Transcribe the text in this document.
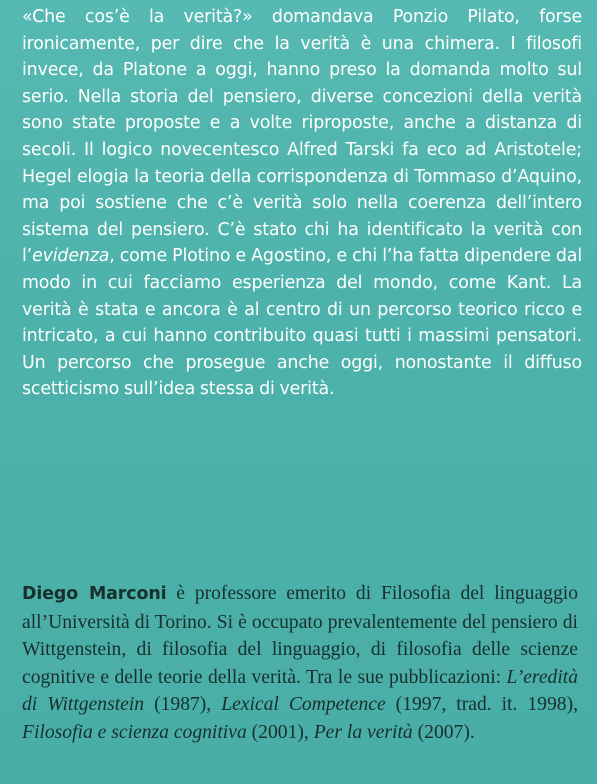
«Che cos’è la verità?» domandava Ponzio Pilato, forse ironicamente, per dire che la verità è una chimera. I filosofi invece, da Platone a oggi, hanno preso la domanda molto sul serio. Nella storia del pensiero, diverse concezioni della verità sono state proposte e a volte riproposte, anche a distanza di secoli. Il logico novecentesco Alfred Tarski fa eco ad Aristotele; Hegel elogia la teoria della corrispondenza di Tommaso d’Aquino, ma poi sostiene che c’è verità solo nella coerenza dell’intero sistema del pensiero. C’è stato chi ha identificato la verità con l’evidenza, come Plotino e Agostino, e chi l’ha fatta dipendere dal modo in cui facciamo esperienza del mondo, come Kant. La verità è stata e ancora è al centro di un percorso teorico ricco e intricato, a cui hanno contribuito quasi tutti i massimi pensatori. Un percorso che prosegue anche oggi, nonostante il diffuso scetticismo sull’idea stessa di verità.

Diego Marconi è professore emerito di Filosofia del linguaggio all’Università di Torino. Si è occupato prevalentemente del pensiero di Wittgenstein, di filosofia del linguaggio, di filosofia delle scienze cognitive e delle teorie della verità. Tra le sue pubblicazioni: L’eredità di Wittgenstein (1987), Lexical Competence (1997, trad. it. 1998), Filosofia e scienza cognitiva (2001), Per la verità (2007).
